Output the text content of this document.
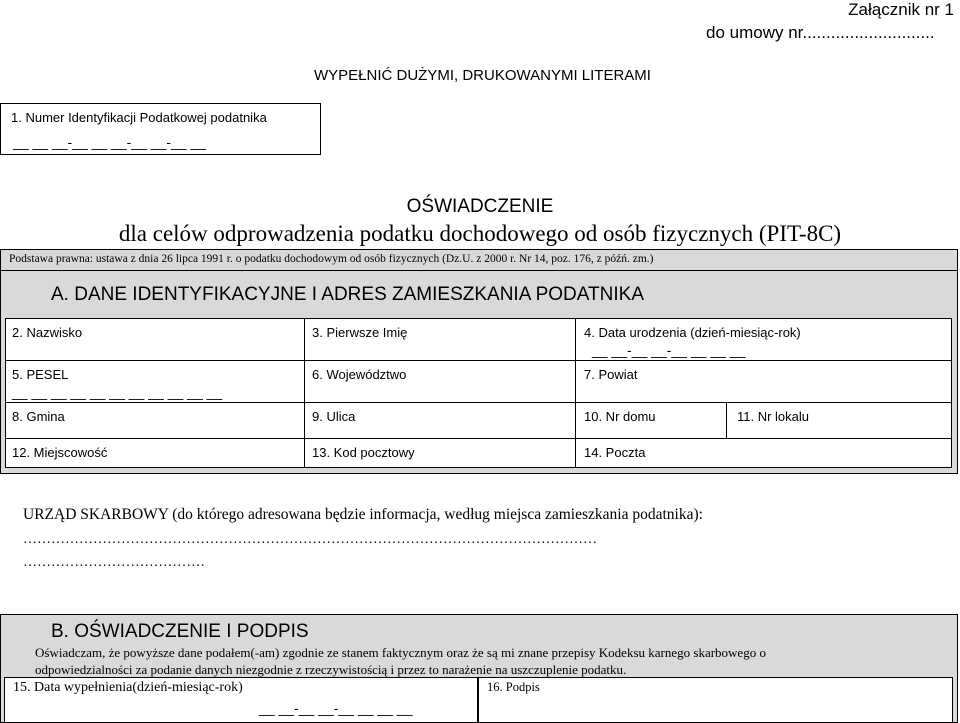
Załącznik nr 1
do umowy nr............................
WYPEŁNIĆ DUŻYMI, DRUKOWANYMI LITERAMI
1. Numer Identyfikacji Podatkowej podatnika
__ __ __-__ __ __-__ __-__ __
OŚWIADCZENIE
dla celów odprowadzenia podatku dochodowego od osób fizycznych (PIT-8C)
Podstawa prawna: ustawa z dnia 26 lipca 1991 r. o podatku dochodowym od osób fizycznych (Dz.U. z 2000 r. Nr 14, poz. 176, z późń. zm.)
A. DANE IDENTYFIKACYJNE I ADRES ZAMIESZKANIA PODATNIKA
2. Nazwisko	3. Pierwsze Imię	4. Data urodzenia (dzień-miesiąc-rok)
__ __-__ __-__ __ __ __
5. PESEL
__ __ __ __ __ __ __ __ __ __ __
6. Województwo	7. Powiat
8. Gmina	9. Ulica	10. Nr domu	11. Nr lokalu
12. Miejscowość	13. Kod pocztowy	14. Poczta
URZĄD SKARBOWY (do którego adresowana będzie informacja, według miejsca zamieszkania podatnika):
……………………………………………………………………………………………………………
…………………………………
B. OŚWIADCZENIE I PODPIS
Oświadczam, że powyższe dane podałem(-am) zgodnie ze stanem faktycznym oraz że są mi znane przepisy Kodeksu karnego skarbowego o
odpowiedzialności za podanie danych niezgodnie z rzeczywistością i przez to narażenie na uszczuplenie podatku.
15. Data wypełnienia(dzień-miesiąc-rok)
__ __-__ __-__ __ __ __
16. Podpis
